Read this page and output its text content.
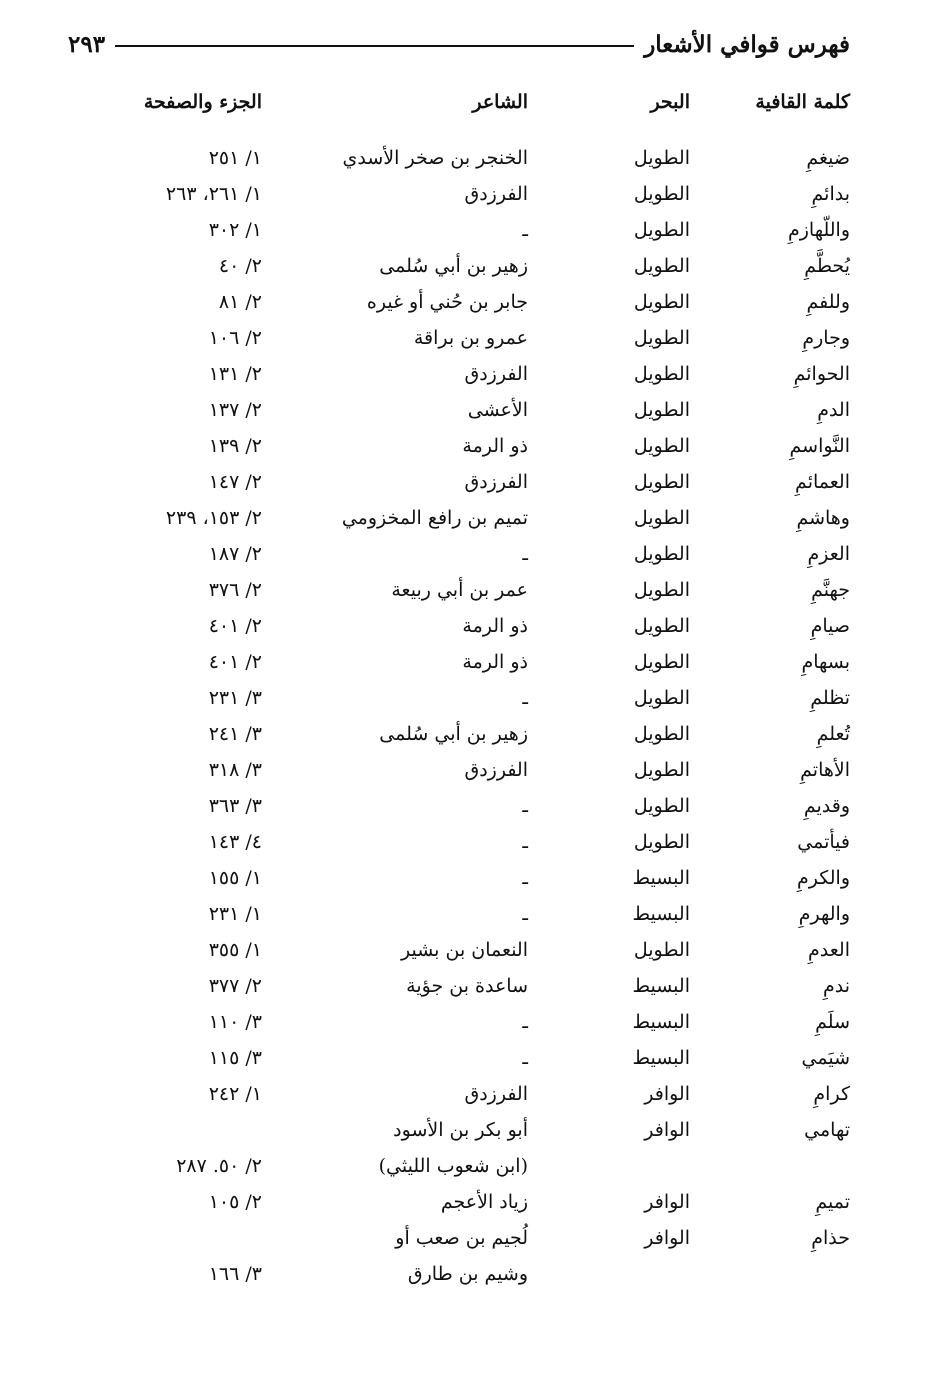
فهرس قوافي الأشعار
٢٩٣
كلمة القافية
البحر
الشاعر
الجزء والصفحة
ضيغمِ
الطويل
الخنجر بن صخر الأسدي
١/ ٢٥١
بدائمِ
الطويل
الفرزدق
١/ ٢٦١، ٢٦٣
واللّهازمِ
الطويل
ـ
١/ ٣٠٢
يُحطَّمِ
الطويل
زهير بن أبي سُلمى
٢/ ٤٠
وللفمِ
الطويل
جابر بن حُني أو غيره
٢/ ٨١
وجارمِ
الطويل
عمرو بن براقة
٢/ ١٠٦
الحوائمِ
الطويل
الفرزدق
٢/ ١٣١
الدمِ
الطويل
الأعشى
٢/ ١٣٧
النَّواسمِ
الطويل
ذو الرمة
٢/ ١٣٩
العمائمِ
الطويل
الفرزدق
٢/ ١٤٧
وهاشمِ
الطويل
تميم بن رافع المخزومي
٢/ ١٥٣، ٢٣٩
العزمِ
الطويل
ـ
٢/ ١٨٧
جهنَّمِ
الطويل
عمر بن أبي ربيعة
٢/ ٣٧٦
صيامِ
الطويل
ذو الرمة
٢/ ٤٠١
بسهامِ
الطويل
ذو الرمة
٢/ ٤٠١
تظلمِ
الطويل
ـ
٣/ ٢٣١
تُعلمِ
الطويل
زهير بن أبي سُلمى
٣/ ٢٤١
الأهاتمِ
الطويل
الفرزدق
٣/ ٣١٨
وقديمِ
الطويل
ـ
٣/ ٣٦٣
فيأتمي
الطويل
ـ
٤/ ١٤٣
والكرمِ
البسيط
ـ
١/ ١٥٥
والهرمِ
البسيط
ـ
١/ ٢٣١
العدمِ
الطويل
النعمان بن بشير
١/ ٣٥٥
ندمِ
البسيط
ساعدة بن جؤية
٢/ ٣٧٧
سلَمِ
البسيط
ـ
٣/ ١١٠
شيَمي
البسيط
ـ
٣/ ١١٥
كرامِ
الوافر
الفرزدق
١/ ٢٤٢
تهامي
الوافر
أبو بكر بن الأسود
(ابن شعوب الليثي)
٢/ ٥٠. ٢٨٧
تميمِ
الوافر
زياد الأعجم
٢/ ١٠٥
حذامِ
الوافر
لُجيم بن صعب أو
وشيم بن طارق
٣/ ١٦٦
